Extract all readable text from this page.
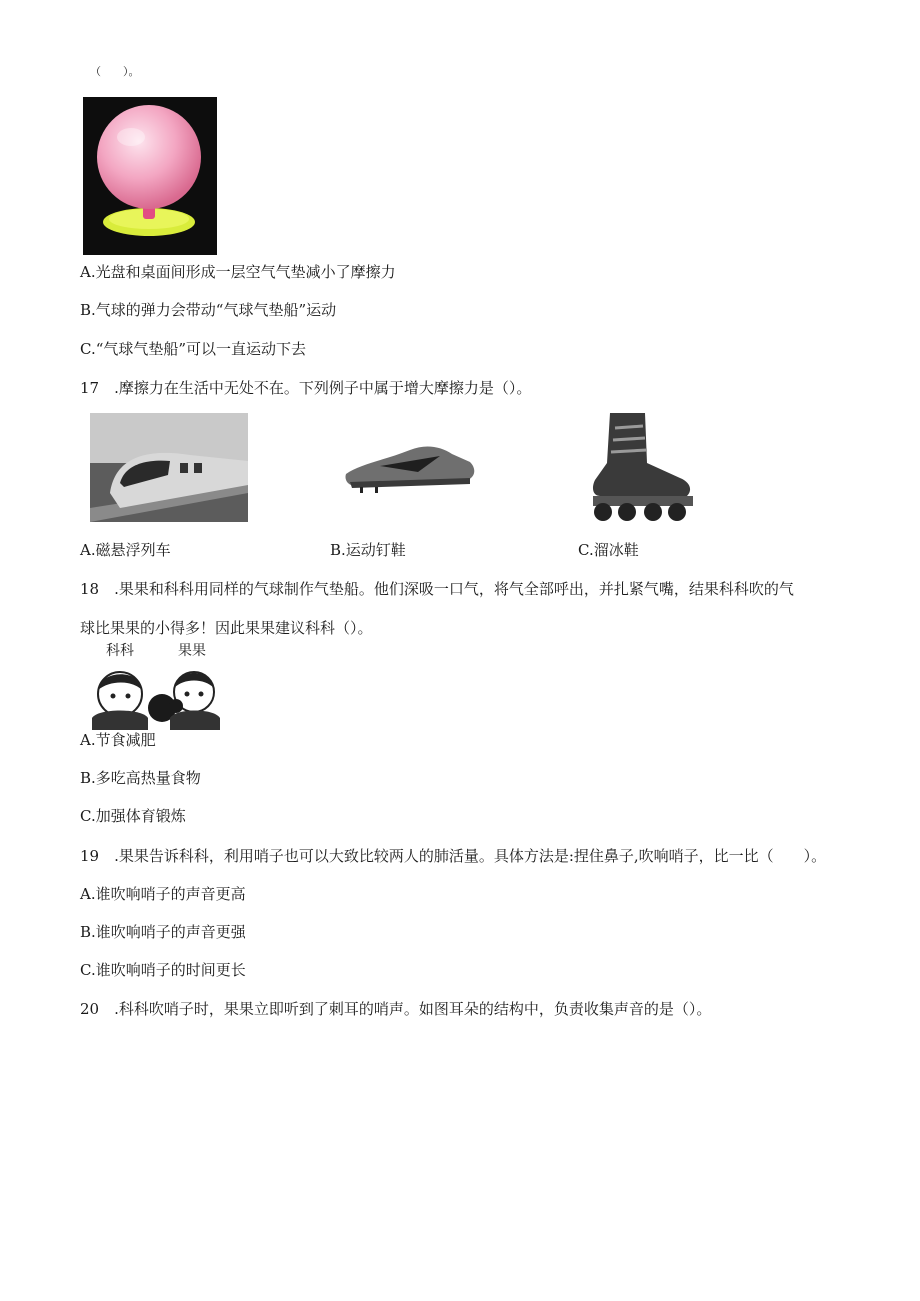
（　　）。
A.光盘和桌面间形成一层空气气垫减小了摩擦力
B.气球的弹力会带动“气球气垫船”运动
C.“气球气垫船”可以一直运动下去
17　.摩擦力在生活中无处不在。下列例子中属于增大摩擦力是（）。
A.磁悬浮列车	B.运动钉鞋	C.溜冰鞋
18　.果果和科科用同样的气球制作气垫船。他们深吸一口气，将气全部呼出，并扎紧气嘴，结果科科吹的气
球比果果的小得多！因此果果建议科科（）。
科科	果果
A.节食减肥
B.多吃高热量食物
C.加强体育锻炼
19　.果果告诉科科，利用哨子也可以大致比较两人的肺活量。具体方法是:捏住鼻子,吹响哨子，比一比（　　）。
A.谁吹响哨子的声音更高
B.谁吹响哨子的声音更强
C.谁吹响哨子的时间更长
20　.科科吹哨子时，果果立即听到了刺耳的哨声。如图耳朵的结构中，负责收集声音的是（）。
